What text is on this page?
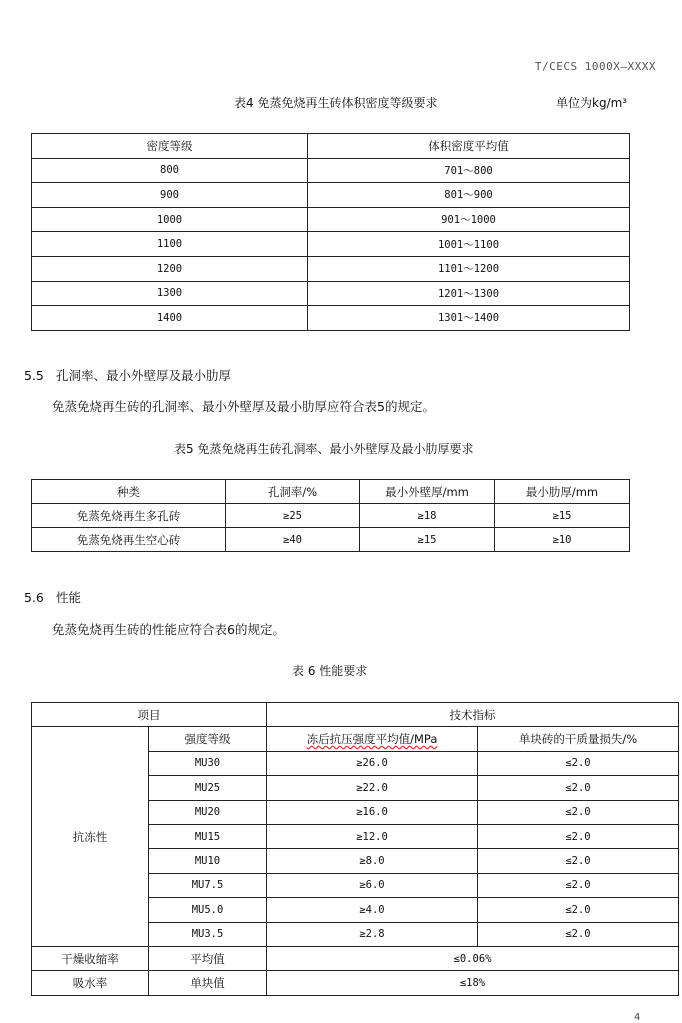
T/CECS 1000X—XXXX
表4 免蒸免烧再生砖体积密度等级要求	单位为kg/m³
密度等级	体积密度平均值
800	701～800
900	801～900
1000	901～1000
1100	1001～1100
1200	1101～1200
1300	1201～1300
1400	1301～1400
5.5 孔洞率、最小外壁厚及最小肋厚
免蒸免烧再生砖的孔洞率、最小外壁厚及最小肋厚应符合表5的规定。
表5 免蒸免烧再生砖孔洞率、最小外壁厚及最小肋厚要求
种类	孔洞率/%	最小外壁厚/mm	最小肋厚/mm
免蒸免烧再生多孔砖	≥25	≥18	≥15
免蒸免烧再生空心砖	≥40	≥15	≥10
5.6 性能
免蒸免烧再生砖的性能应符合表6的规定。
表 6 性能要求
项目		技术指标	
抗冻性	强度等级	冻后抗压强度平均值/MPa	单块砖的干质量损失/%
	MU30	≥26.0	≤2.0
	MU25	≥22.0	≤2.0
	MU20	≥16.0	≤2.0
	MU15	≥12.0	≤2.0
	MU10	≥8.0	≤2.0
	MU7.5	≥6.0	≤2.0
	MU5.0	≥4.0	≤2.0
	MU3.5	≥2.8	≤2.0
干燥收缩率	平均值	≤0.06%	
吸水率	单块值	≤18%	
4
